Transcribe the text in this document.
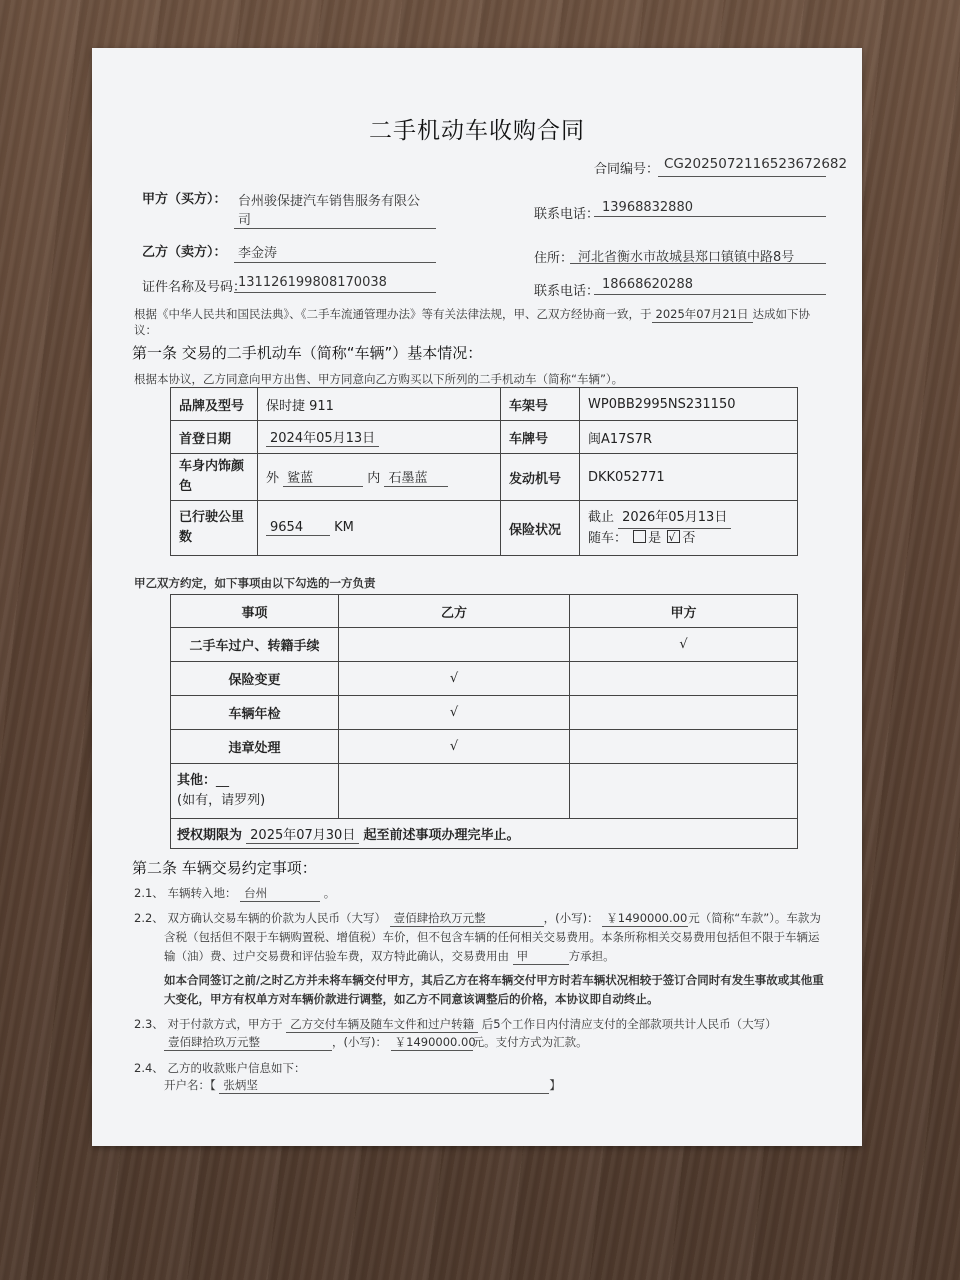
二手机动车收购合同
合同编号： CG2025072116523672682
甲方（买方）： 台州骏保捷汽车销售服务有限公
司	联系电话： 13968832880
乙方（卖方）： 李金涛	住所： 河北省衡水市故城县郑口镇镇中路8号
证件名称及号码：
131126199808170038
联系电话： 18668620288
根据《中华人民共和国民法典》、《二手车流通管理办法》等有关法律法规，甲、乙双方经协商一致，于 2025年07月21日 达成如下协
议：
第一条 交易的二手机动车（简称“车辆”）基本情况：
根据本协议，乙方同意向甲方出售、甲方同意向乙方购买以下所列的二手机动车（简称“车辆”）。
品牌及型号	保时捷 911	车架号	WP0BB2995NS231150
首登日期	2024年05月13日	车牌号	闽A17S7R
车身内饰颜
色	外 鲨蓝 内 石墨蓝	发动机号	DKK052771
已行驶公里
数	9654 KM	保险状况	截止 2026年05月13日
随车： 是 √ 否
甲乙双方约定，如下事项由以下勾选的一方负责
事项	乙方	甲方
二手车过户、转籍手续		√
保险变更	√	
车辆年检	√	
违章处理	√	
其他：__
(如有，请罗列)		
授权期限为 2025年07月30日 起至前述事项办理完毕止。		
第二条 车辆交易约定事项：
2.1、 车辆转入地： 台州	。
2.2、 双方确认交易车辆的价款为人民币（大写） 壹佰肆拾玖万元整	，(小写)： ￥1490000.00元（简称“车款”）。车款为
含税（包括但不限于车辆购置税、增值税）车价，但不包含车辆的任何相关交易费用。本条所称相关交易费用包括但不限于车辆运
输（油）费、过户交易费和评估验车费，双方特此确认，交易费用由 甲	方承担。
如本合同签订之前/之时乙方并未将车辆交付甲方，其后乙方在将车辆交付甲方时若车辆状况相较于签订合同时有发生事故或其他重
大变化，甲方有权单方对车辆价款进行调整，如乙方不同意该调整后的价格，本协议即自动终止。
2.3、 对于付款方式，甲方于 乙方交付车辆及随车文件和过户转籍 后5个工作日内付清应支付的全部款项共计人民币（大写）
壹佰肆拾玖万元整	，(小写)： ￥1490000.00元。支付方式为汇款。
2.4、 乙方的收款账户信息如下：
开户名：【 张炳坚	】
